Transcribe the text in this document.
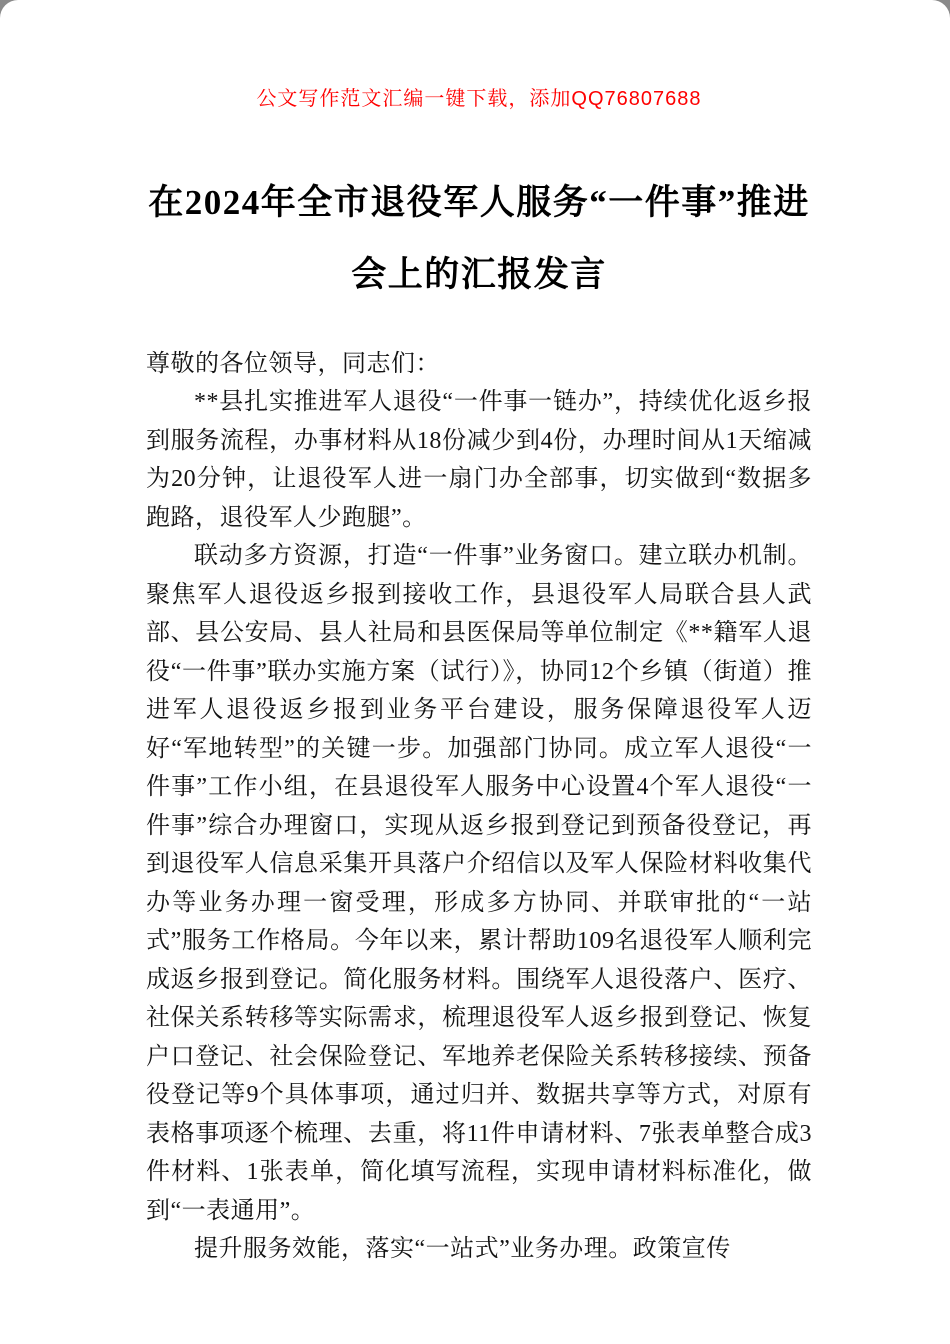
公文写作范文汇编一键下载，添加QQ76807688
在2024年全市退役军人服务“一件事”推进会上的汇报发言

尊敬的各位领导，同志们：

**县扎实推进军人退役“一件事一链办”，持续优化返乡报到服务流程，办事材料从18份减少到4份，办理时间从1天缩减为20分钟，让退役军人进一扇门办全部事，切实做到“数据多跑路，退役军人少跑腿”。

联动多方资源，打造“一件事”业务窗口。建立联办机制。聚焦军人退役返乡报到接收工作，县退役军人局联合县人武部、县公安局、县人社局和县医保局等单位制定《**籍军人退役“一件事”联办实施方案（试行）》，协同12个乡镇（街道）推进军人退役返乡报到业务平台建设，服务保障退役军人迈好“军地转型”的关键一步。加强部门协同。成立军人退役“一件事”工作小组，在县退役军人服务中心设置4个军人退役“一件事”综合办理窗口，实现从返乡报到登记到预备役登记，再到退役军人信息采集开具落户介绍信以及军人保险材料收集代办等业务办理一窗受理，形成多方协同、并联审批的“一站式”服务工作格局。今年以来，累计帮助109名退役军人顺利完成返乡报到登记。简化服务材料。围绕军人退役落户、医疗、社保关系转移等实际需求，梳理退役军人返乡报到登记、恢复户口登记、社会保险登记、军地养老保险关系转移接续、预备役登记等9个具体事项，通过归并、数据共享等方式，对原有表格事项逐个梳理、去重，将11件申请材料、7张表单整合成3件材料、1张表单，简化填写流程，实现申请材料标准化，做到“一表通用”。

提升服务效能，落实“一站式”业务办理。政策宣传
